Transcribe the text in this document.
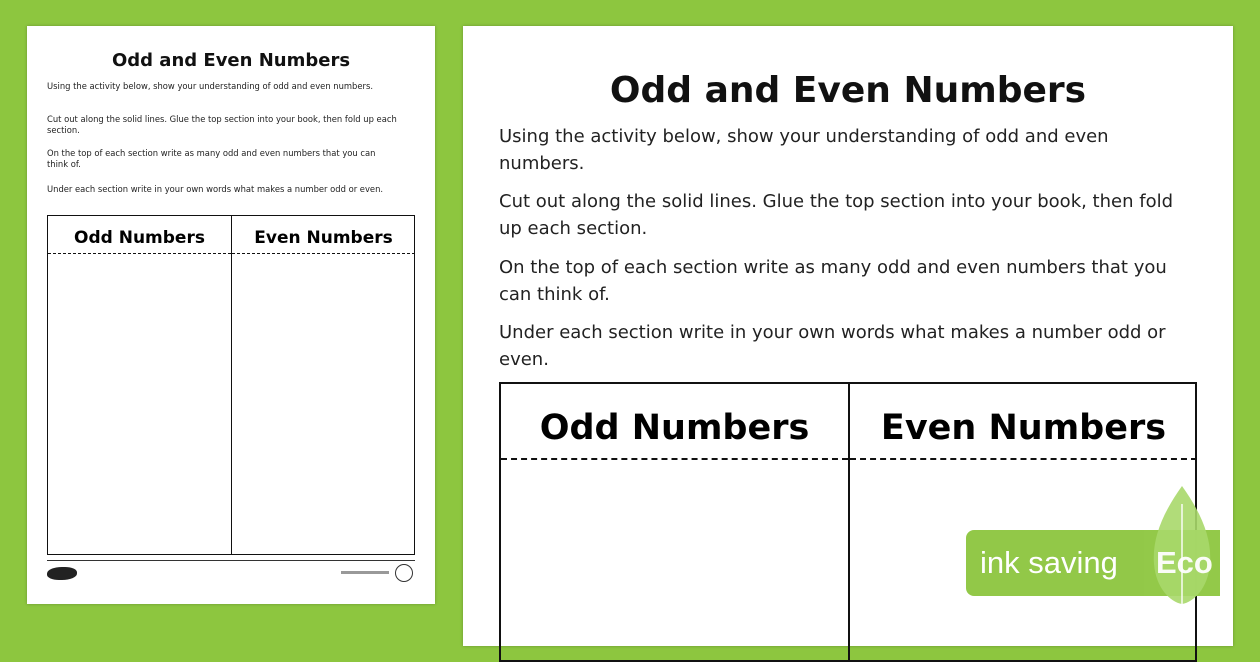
Odd and Even Numbers
Using the activity below, show your understanding of odd and even numbers.
Cut out along the solid lines. Glue the top section into your book, then fold up each section.
On the top of each section write as many odd and even numbers that you can think of.
Under each section write in your own words what makes a number odd or even.
Odd Numbers	Even Numbers
Odd and Even Numbers
Using the activity below, show your understanding of odd and even numbers.
Cut out along the solid lines. Glue the top section into your book, then fold up each section.
On the top of each section write as many odd and even numbers that you can think of.
Under each section write in your own words what makes a number odd or even.
Odd Numbers	Even Numbers
ink saving Eco
